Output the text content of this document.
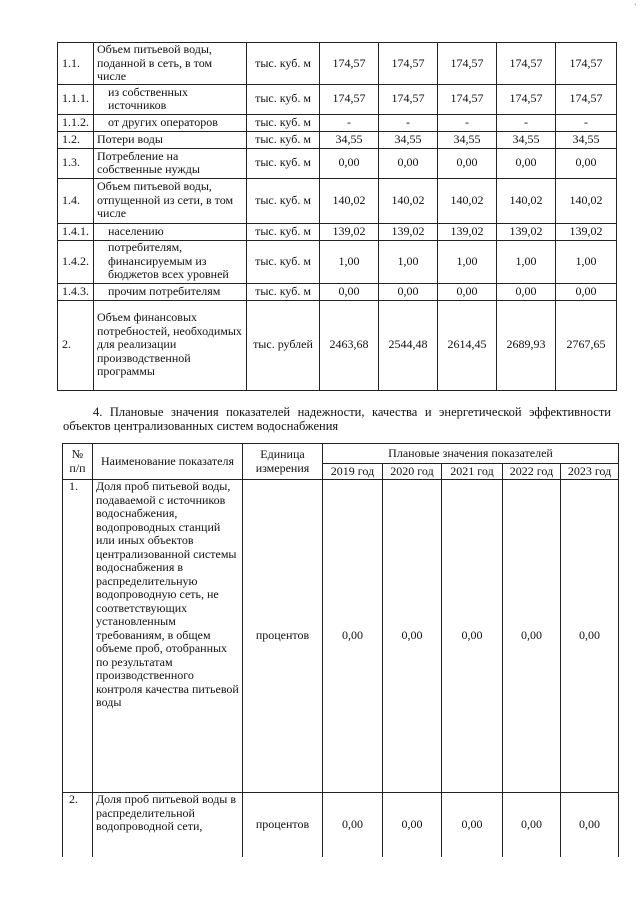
'
1.1.	Объем питьевой воды, поданной в сеть, в том числе	тыс. куб. м	174,57	174,57	174,57	174,57	174,57
1.1.1.	из собственных источников	тыс. куб. м	174,57	174,57	174,57	174,57	174,57
1.1.2.	от других операторов	тыс. куб. м	-	-	-	-	-
1.2.	Потери воды	тыс. куб. м	34,55	34,55	34,55	34,55	34,55
1.3.	Потребление на собственные нужды	тыс. куб. м	0,00	0,00	0,00	0,00	0,00
1.4.	Объем питьевой воды, отпущенной из сети, в том числе	тыс. куб. м	140,02	140,02	140,02	140,02	140,02
1.4.1.	населению	тыс. куб. м	139,02	139,02	139,02	139,02	139,02
1.4.2.	потребителям, финансируемым из бюджетов всех уровней	тыс. куб. м	1,00	1,00	1,00	1,00	1,00
1.4.3.	прочим потребителям	тыс. куб. м	0,00	0,00	0,00	0,00	0,00
2.	Объем финансовых потребностей, необходимых для реализации производственной программы	тыс. рублей	2463,68	2544,48	2614,45	2689,93	2767,65

4. Плановые значения показателей надежности, качества и энергетической эффективности объектов централизованных систем водоснабжения

№ п/п	Наименование показателя	Единица измерения	Плановые значения показателей				
			2019 год	2020 год	2021 год	2022 год	2023 год
1.	Доля проб питьевой воды, подаваемой с источников водоснабжения, водопроводных станций или иных объектов централизованной системы водоснабжения в распределительную водопроводную сеть, не соответствующих установленным требованиям, в общем объеме проб, отобранных по результатам производственного контроля качества питьевой воды	процентов	0,00	0,00	0,00	0,00	0,00
2.	Доля проб питьевой воды в распределительной водопроводной сети,	процентов	0,00	0,00	0,00	0,00	0,00
